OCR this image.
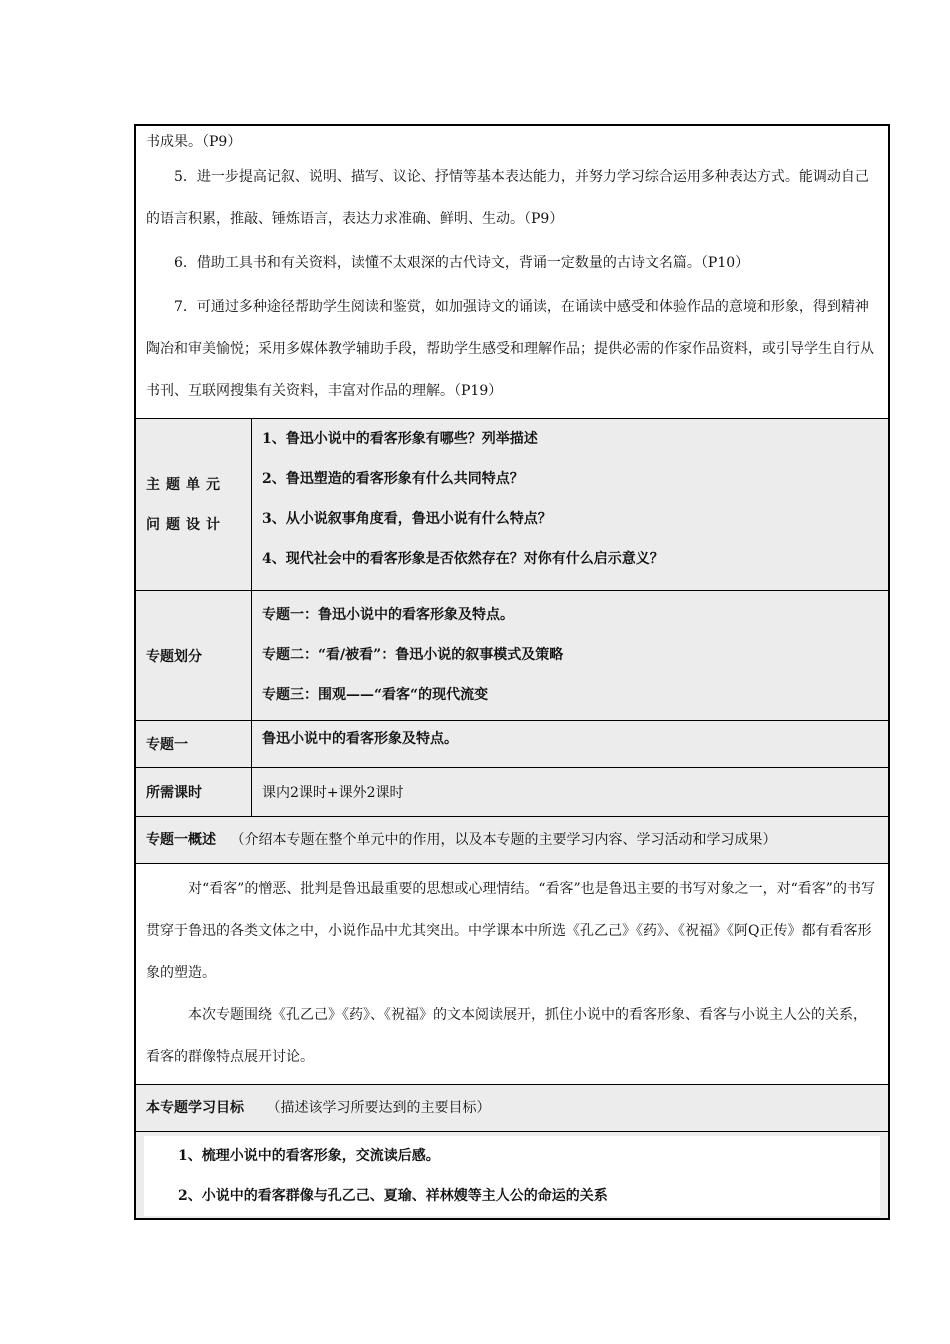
书成果。（P9）

5．进一步提高记叙、说明、描写、议论、抒情等基本表达能力，并努力学习综合运用多种表达方式。能调动自己的语言积累，推敲、锤炼语言，表达力求准确、鲜明、生动。（P9）

6．借助工具书和有关资料，读懂不太艰深的古代诗文，背诵一定数量的古诗文名篇。（P10）

7．可通过多种途径帮助学生阅读和鉴赏，如加强诗文的诵读，在诵读中感受和体验作品的意境和形象，得到精神陶冶和审美愉悦；采用多媒体教学辅助手段，帮助学生感受和理解作品；提供必需的作家作品资料，或引导学生自行从书刊、互联网搜集有关资料，丰富对作品的理解。（P19）

主题单元问题设计
1、鲁迅小说中的看客形象有哪些？列举描述
2、鲁迅塑造的看客形象有什么共同特点？
3、从小说叙事角度看，鲁迅小说有什么特点？
4、现代社会中的看客形象是否依然存在？对你有什么启示意义？
专题划分
专题一：鲁迅小说中的看客形象及特点。
专题二：“看/被看”：鲁迅小说的叙事模式及策略
专题三：围观——“看客“的现代流变
专题一	鲁迅小说中的看客形象及特点。
所需课时	课内2课时+课外2课时
专题一概述 （介绍本专题在整个单元中的作用，以及本专题的主要学习内容、学习活动和学习成果）

对“看客”的憎恶、批判是鲁迅最重要的思想或心理情结。“看客”也是鲁迅主要的书写对象之一，对“看客”的书写贯穿于鲁迅的各类文体之中，小说作品中尤其突出。中学课本中所选《孔乙己》《药》、《祝福》《阿Q正传》都有看客形象的塑造。

本次专题围绕《孔乙己》《药》、《祝福》的文本阅读展开，抓住小说中的看客形象、看客与小说主人公的关系，看客的群像特点展开讨论。

本专题学习目标 （描述该学习所要达到的主要目标）
1、梳理小说中的看客形象，交流读后感。
2、小说中的看客群像与孔乙己、夏瑜、祥林嫂等主人公的命运的关系
